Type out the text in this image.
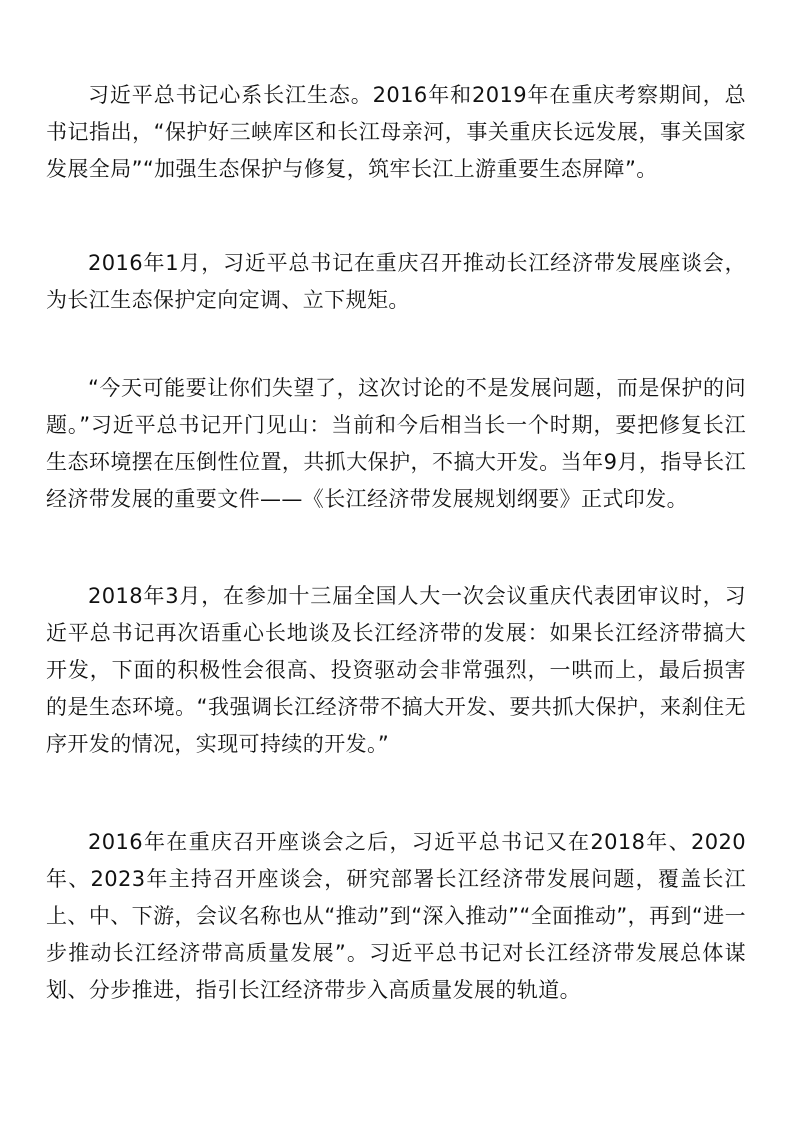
习近平总书记心系长江生态。2016年和2019年在重庆考察期间，总书记指出，“保护好三峡库区和长江母亲河，事关重庆长远发展，事关国家发展全局”“加强生态保护与修复，筑牢长江上游重要生态屏障”。

2016年1月，习近平总书记在重庆召开推动长江经济带发展座谈会，为长江生态保护定向定调、立下规矩。

“今天可能要让你们失望了，这次讨论的不是发展问题，而是保护的问题。”习近平总书记开门见山：当前和今后相当长一个时期，要把修复长江生态环境摆在压倒性位置，共抓大保护，不搞大开发。当年9月，指导长江经济带发展的重要文件——《长江经济带发展规划纲要》正式印发。

2018年3月，在参加十三届全国人大一次会议重庆代表团审议时，习近平总书记再次语重心长地谈及长江经济带的发展：如果长江经济带搞大开发，下面的积极性会很高、投资驱动会非常强烈，一哄而上，最后损害的是生态环境。“我强调长江经济带不搞大开发、要共抓大保护，来刹住无序开发的情况，实现可持续的开发。”

2016年在重庆召开座谈会之后，习近平总书记又在2018年、2020年、2023年主持召开座谈会，研究部署长江经济带发展问题，覆盖长江上、中、下游，会议名称也从“推动”到“深入推动”“全面推动”，再到“进一步推动长江经济带高质量发展”。习近平总书记对长江经济带发展总体谋划、分步推进，指引长江经济带步入高质量发展的轨道。
